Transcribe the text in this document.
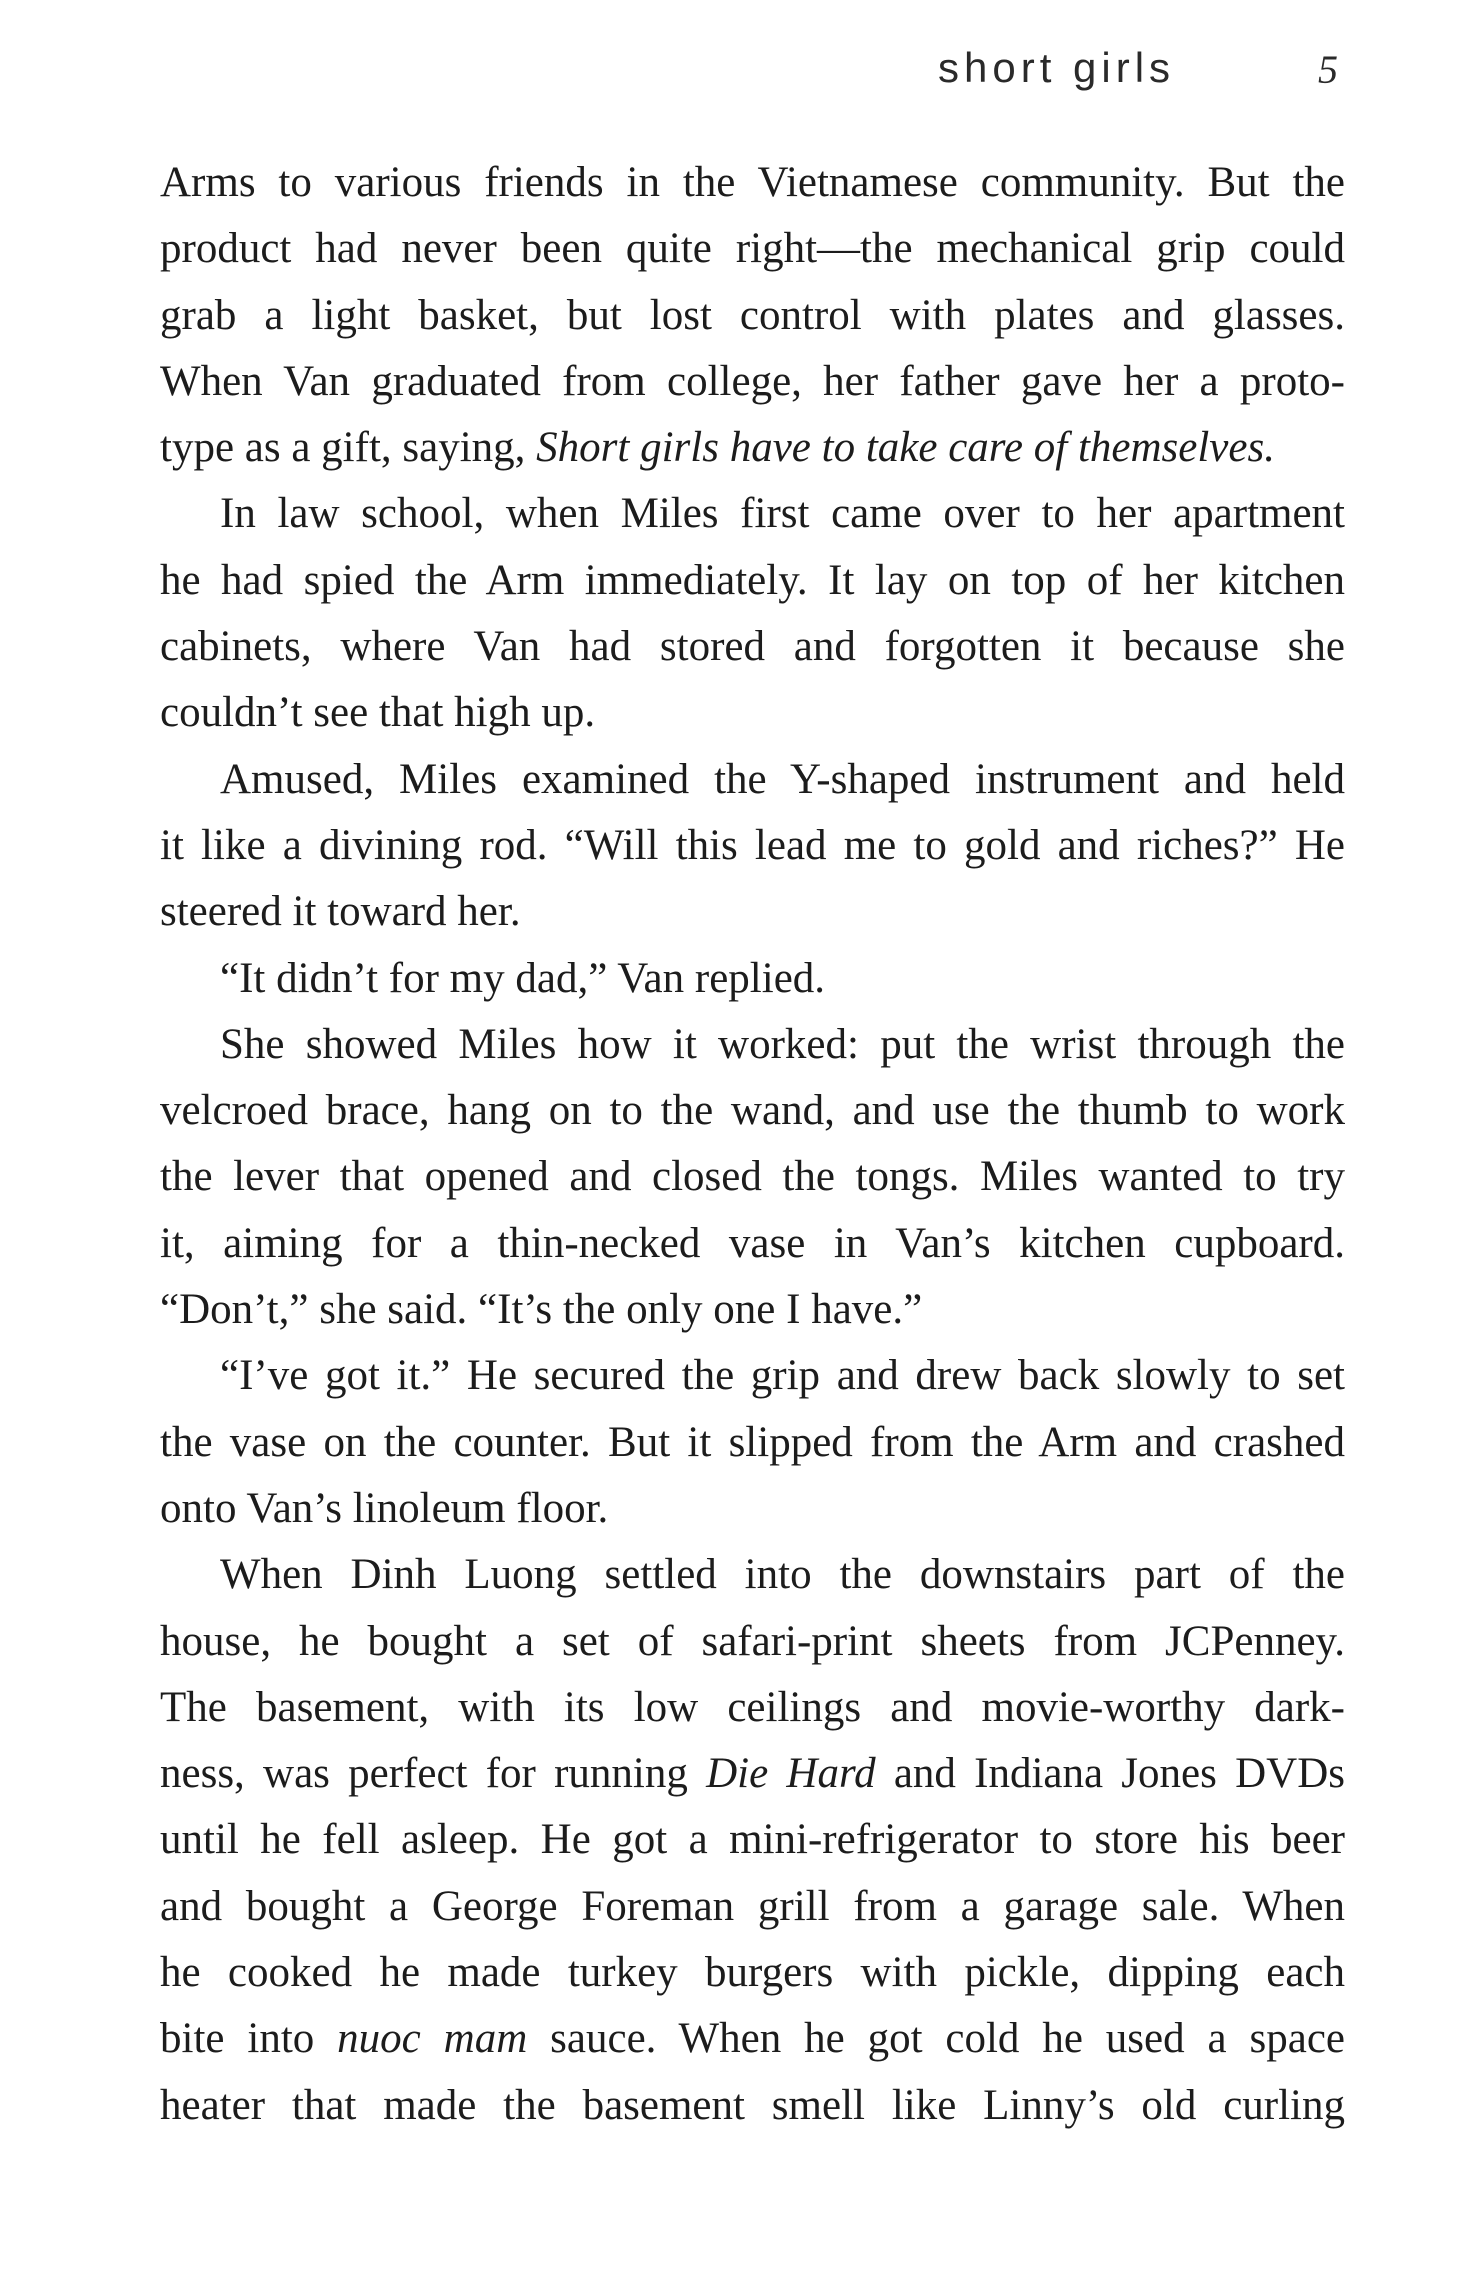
short girls	5
Arms to various friends in the Vietnamese community. But the
product had never been quite right—the mechanical grip could
grab a light basket, but lost control with plates and glasses.
When Van graduated from college, her father gave her a proto-
type as a gift, saying, Short girls have to take care of themselves.
In law school, when Miles first came over to her apartment
he had spied the Arm immediately. It lay on top of her kitchen
cabinets, where Van had stored and forgotten it because she
couldn’t see that high up.
Amused, Miles examined the Y-shaped instrument and held
it like a divining rod. “Will this lead me to gold and riches?” He
steered it toward her.
“It didn’t for my dad,” Van replied.
She showed Miles how it worked: put the wrist through the
velcroed brace, hang on to the wand, and use the thumb to work
the lever that opened and closed the tongs. Miles wanted to try
it, aiming for a thin-necked vase in Van’s kitchen cupboard.
“Don’t,” she said. “It’s the only one I have.”
“I’ve got it.” He secured the grip and drew back slowly to set
the vase on the counter. But it slipped from the Arm and crashed
onto Van’s linoleum floor.
When Dinh Luong settled into the downstairs part of the
house, he bought a set of safari-print sheets from JCPenney.
The basement, with its low ceilings and movie-worthy dark-
ness, was perfect for running Die Hard and Indiana Jones DVDs
until he fell asleep. He got a mini-refrigerator to store his beer
and bought a George Foreman grill from a garage sale. When
he cooked he made turkey burgers with pickle, dipping each
bite into nuoc mam sauce. When he got cold he used a space
heater that made the basement smell like Linny’s old curling
